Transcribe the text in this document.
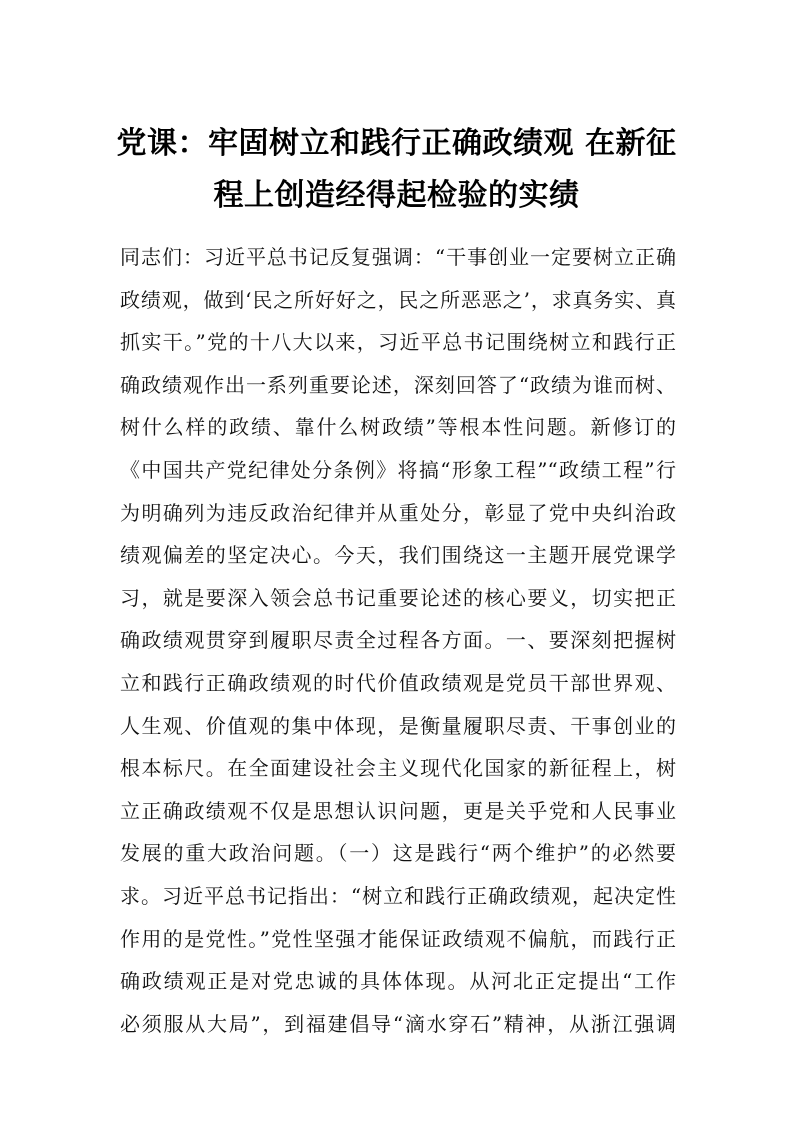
党课：牢固树立和践行正确政绩观 在新征
程上创造经得起检验的实绩
同志们：习近平总书记反复强调：“干事创业一定要树立正确
政绩观，做到‘民之所好好之，民之所恶恶之’，求真务实、真
抓实干。”党的十八大以来，习近平总书记围绕树立和践行正
确政绩观作出一系列重要论述，深刻回答了“政绩为谁而树、
树什么样的政绩、靠什么树政绩”等根本性问题。新修订的
《中国共产党纪律处分条例》将搞“形象工程”“政绩工程”行
为明确列为违反政治纪律并从重处分，彰显了党中央纠治政
绩观偏差的坚定决心。今天，我们围绕这一主题开展党课学
习，就是要深入领会总书记重要论述的核心要义，切实把正
确政绩观贯穿到履职尽责全过程各方面。一、要深刻把握树
立和践行正确政绩观的时代价值政绩观是党员干部世界观、
人生观、价值观的集中体现，是衡量履职尽责、干事创业的
根本标尺。在全面建设社会主义现代化国家的新征程上，树
立正确政绩观不仅是思想认识问题，更是关乎党和人民事业
发展的重大政治问题。（一）这是践行“两个维护”的必然要
求。习近平总书记指出：“树立和践行正确政绩观，起决定性
作用的是党性。”党性坚强才能保证政绩观不偏航，而践行正
确政绩观正是对党忠诚的具体体现。从河北正定提出“工作
必须服从大局”，到福建倡导“滴水穿石”精神，从浙江强调
